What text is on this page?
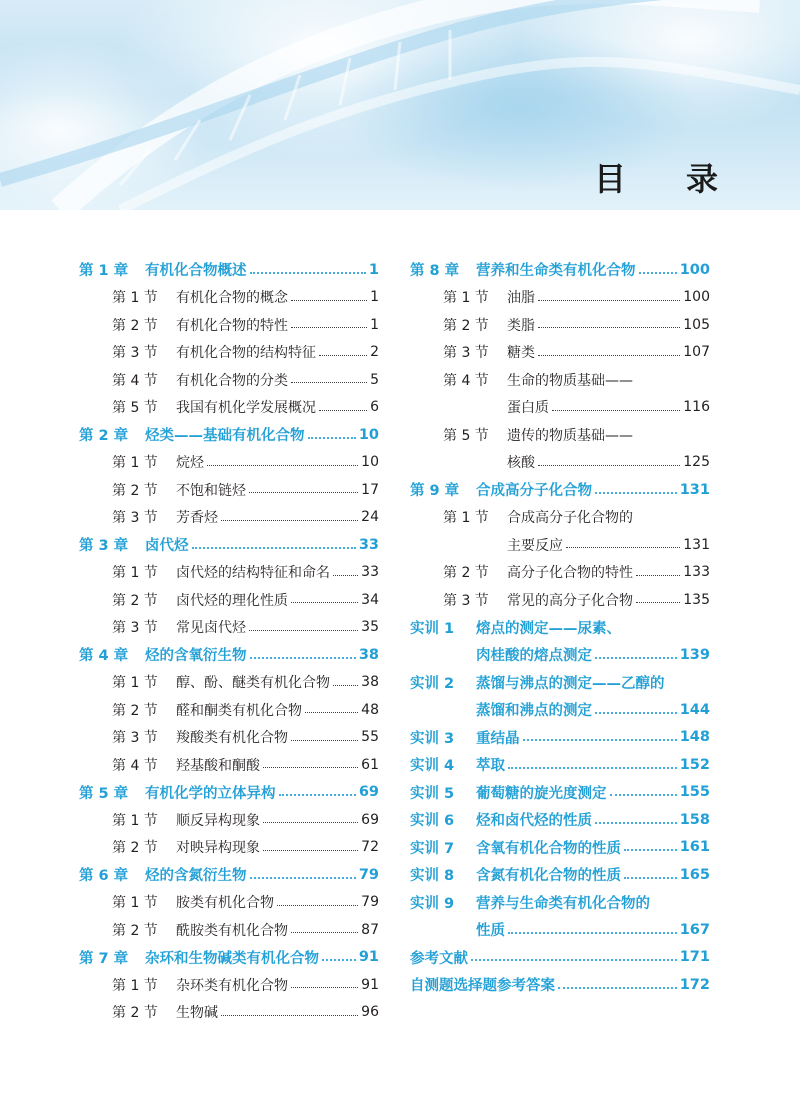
目 录
第 1 章	有机化合物概述	1
第 1 节	有机化合物的概念	1
第 2 节	有机化合物的特性	1
第 3 节	有机化合物的结构特征	2
第 4 节	有机化合物的分类	5
第 5 节	我国有机化学发展概况	6
第 2 章	烃类——基础有机化合物	10
第 1 节	烷烃	10
第 2 节	不饱和链烃	17
第 3 节	芳香烃	24
第 3 章	卤代烃	33
第 1 节	卤代烃的结构特征和命名 33
第 2 节	卤代烃的理化性质	34
第 3 节	常见卤代烃	35
第 4 章	烃的含氧衍生物	38
第 1 节	醇、酚、醚类有机化合物 38
第 2 节	醛和酮类有机化合物	48
第 3 节	羧酸类有机化合物	55
第 4 节	羟基酸和酮酸	61
第 5 章	有机化学的立体异构	69
第 1 节	顺反异构现象	69
第 2 节	对映异构现象	72
第 6 章	烃的含氮衍生物	79
第 1 节	胺类有机化合物	79
第 2 节	酰胺类有机化合物	87
第 7 章	杂环和生物碱类有机化合物	91
第 1 节	杂环类有机化合物	91
第 2 节	生物碱	96
第 8 章	营养和生命类有机化合物	100
第 1 节	油脂	100
第 2 节	类脂	105
第 3 节	糖类	107
第 4 节	生命的物质基础——
蛋白质	116
第 5 节	遗传的物质基础——
核酸	125
第 9 章	合成高分子化合物	131
第 1 节	合成高分子化合物的
主要反应	131
第 2 节	高分子化合物的特性	133
第 3 节	常见的高分子化合物	135
实训 1	熔点的测定——尿素、
肉桂酸的熔点测定	139
实训 2	蒸馏与沸点的测定——乙醇的
蒸馏和沸点的测定	144
实训 3	重结晶	148
实训 4	萃取	152
实训 5	葡萄糖的旋光度测定	155
实训 6	烃和卤代烃的性质	158
实训 7	含氧有机化合物的性质	161
实训 8	含氮有机化合物的性质	165
实训 9	营养与生命类有机化合物的
性质	167
参考文献	171
自测题选择题参考答案	172
